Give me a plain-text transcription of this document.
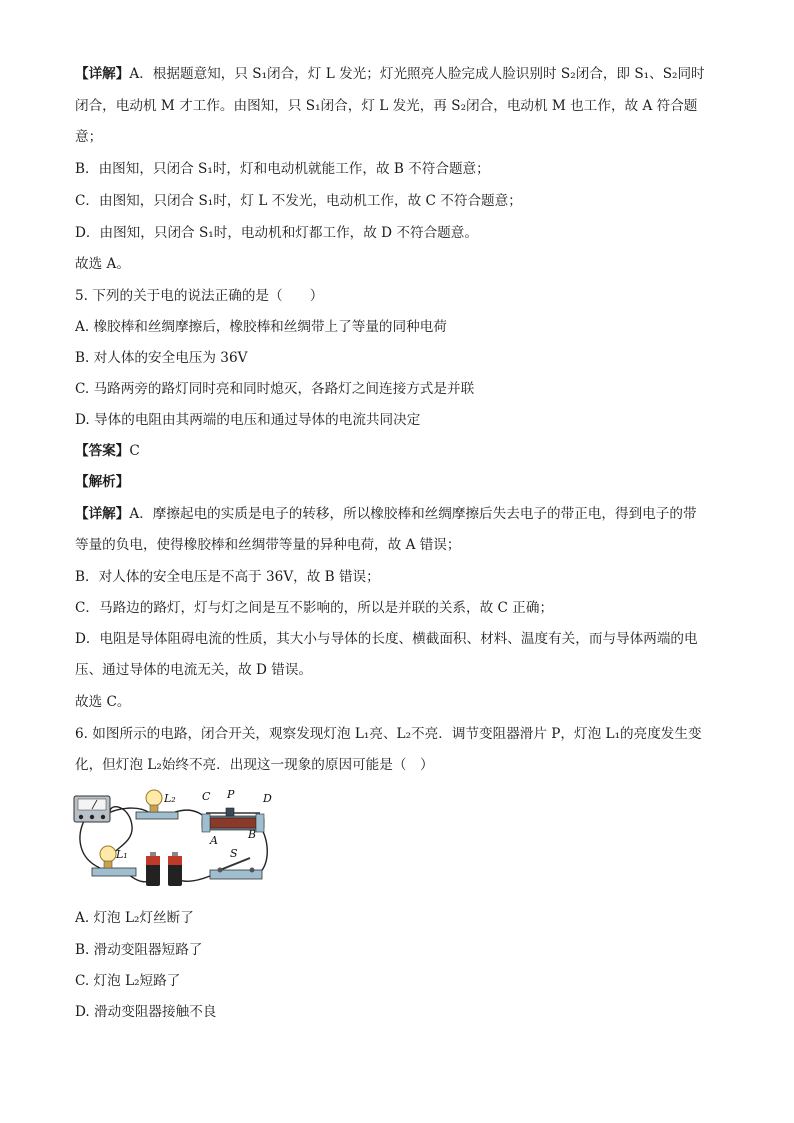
【详解】A．根据题意知，只 S₁闭合，灯 L 发光；灯光照亮人脸完成人脸识别时 S₂闭合，即 S₁、S₂同时
闭合，电动机 M 才工作。由图知，只 S₁闭合，灯 L 发光，再 S₂闭合，电动机 M 也工作，故 A 符合题
意；
B．由图知，只闭合 S₁时，灯和电动机就能工作，故 B 不符合题意；
C．由图知，只闭合 S₁时，灯 L 不发光，电动机工作，故 C 不符合题意；
D．由图知，只闭合 S₁时，电动机和灯都工作，故 D 不符合题意。
故选 A。
5. 下列的关于电的说法正确的是（　　）
A. 橡胶棒和丝绸摩擦后，橡胶棒和丝绸带上了等量的同种电荷
B. 对人体的安全电压为 36V
C. 马路两旁的路灯同时亮和同时熄灭，各路灯之间连接方式是并联
D. 导体的电阻由其两端的电压和通过导体的电流共同决定
【答案】C
【解析】
【详解】A．摩擦起电的实质是电子的转移，所以橡胶棒和丝绸摩擦后失去电子的带正电，得到电子的带
等量的负电，使得橡胶棒和丝绸带等量的异种电荷，故 A 错误；
B．对人体的安全电压是不高于 36V，故 B 错误；
C．马路边的路灯，灯与灯之间是互不影响的，所以是并联的关系，故 C 正确；
D．电阻是导体阻碍电流的性质，其大小与导体的长度、横截面积、材料、温度有关，而与导体两端的电
压、通过导体的电流无关，故 D 错误。
故选 C。
6. 如图所示的电路，闭合开关，观察发现灯泡 L₁亮、L₂不亮．调节变阻器滑片 P，灯泡 L₁的亮度发生变
化，但灯泡 L₂始终不亮．出现这一现象的原因可能是（　）
L₂ C P	D
A	B
L₁	S
A. 灯泡 L₂灯丝断了
B. 滑动变阻器短路了
C. 灯泡 L₂短路了
D. 滑动变阻器接触不良
